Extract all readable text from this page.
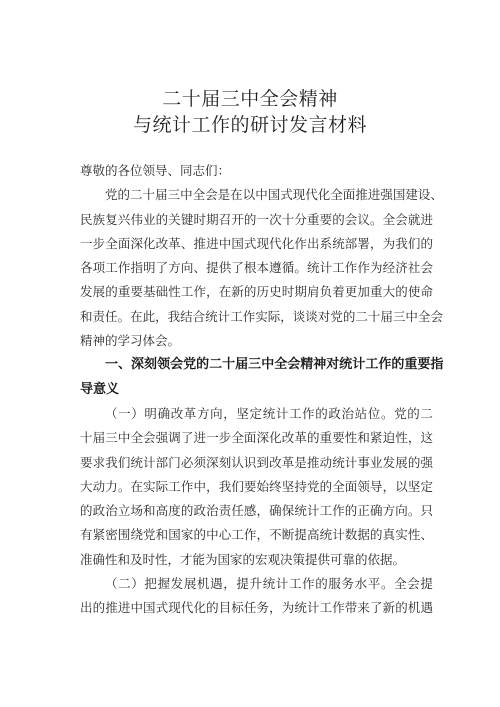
二十届三中全会精神
与统计工作的研讨发言材料
尊敬的各位领导、同志们：
党 的 二 十 届 三 中 全 会 是 在 以 中 国 式 现 代 化 全 面 推 进 强 国 建 设 、
民 族 复 兴 伟 业 的 关 键 时 期 召 开 的 一 次 十 分 重 要 的 会 议 。 全 会 就 进
一 步 全 面 深 化 改 革 、 推 进 中 国 式 现 代 化 作 出 系 统 部 署 ， 为 我 们 的
各 项 工 作 指 明 了 方 向 、 提 供 了 根 本 遵 循 。 统 计 工 作 作 为 经 济 社 会
发 展 的 重 要 基 础 性 工 作 ， 在 新 的 历 史 时 期 肩 负 着 更 加 重 大 的 使 命
和 责 任 。 在 此 ， 我 结 合 统 计 工 作 实 际 ， 谈 谈 对 党 的 二 十 届 三 中 全 会
精神的学习体会。
一 、 深 刻 领 会 党 的 二 十 届 三 中 全 会 精 神 对 统 计 工 作 的 重 要 指
导意义
（ 一 ） 明 确 改 革 方 向 ， 坚 定 统 计 工 作 的 政 治 站 位 。 党 的 二
十 届 三 中 全 会 强 调 了 进 一 步 全 面 深 化 改 革 的 重 要 性 和 紧 迫 性 ， 这
要 求 我 们 统 计 部 门 必 须 深 刻 认 识 到 改 革 是 推 动 统 计 事 业 发 展 的 强
大 动 力 。 在 实 际 工 作 中 ， 我 们 要 始 终 坚 持 党 的 全 面 领 导 ， 以 坚 定
的 政 治 立 场 和 高 度 的 政 治 责 任 感 ， 确 保 统 计 工 作 的 正 确 方 向 。 只
有 紧 密 围 绕 党 和 国 家 的 中 心 工 作 ， 不 断 提 高 统 计 数 据 的 真 实 性 、
准确性和及时性，才能为国家的宏观决策提供可靠的依据。
（ 二 ） 把 握 发 展 机 遇 ， 提 升 统 计 工 作 的 服 务 水 平 。 全 会 提
出 的 推 进 中 国 式 现 代 化 的 目 标 任 务 ， 为 统 计 工 作 带 来 了 新 的 机 遇
